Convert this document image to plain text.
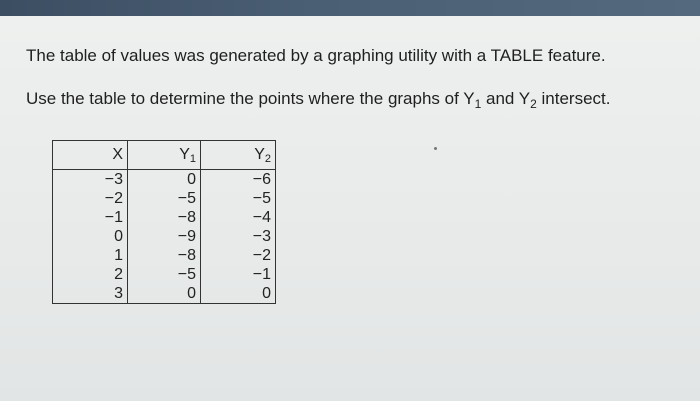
The table of values was generated by a graphing utility with a TABLE feature.

Use the table to determine the points where the graphs of $Y_1$ and $Y_2$ intersect.

X	$Y_1$	$Y_2$
−3	0	−6
−2	−5	−5
−1	−8	−4
0	−9	−3
1	−8	−2
2	−5	−1
3	0	0
